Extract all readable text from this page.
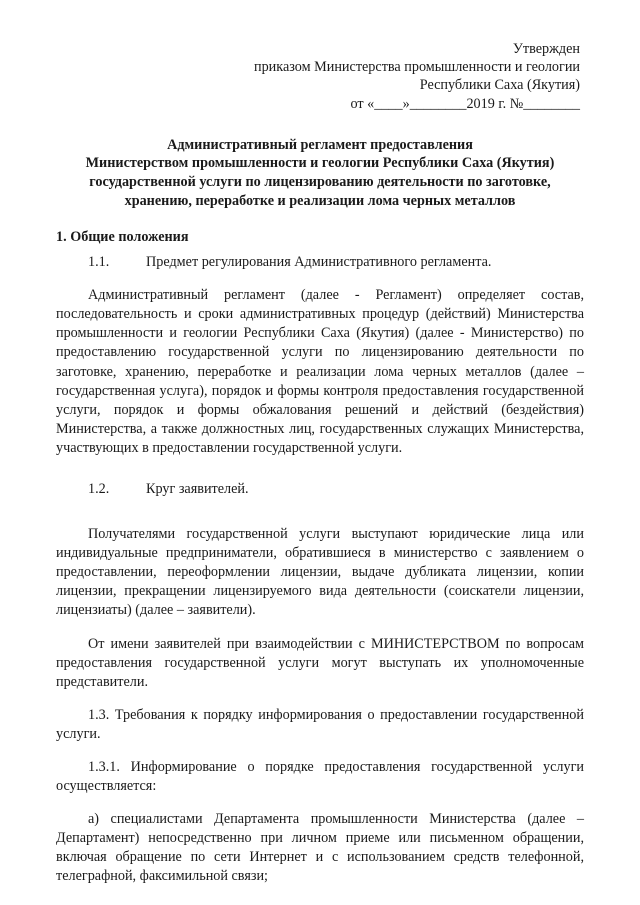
Утвержден
приказом Министерства промышленности и геологии
Республики Саха (Якутия)
от «____»________2019 г. №________
Административный регламент предоставления
Министерством промышленности и геологии Республики Саха (Якутия)
государственной услуги по лицензированию деятельности по заготовке,
хранению, переработке и реализации лома черных металлов
1. Общие положения
1.1.	Предмет регулирования Административного регламента.

Административный регламент (далее - Регламент) определяет состав, последовательность и сроки административных процедур (действий) Министерства промышленности и геологии Республики Саха (Якутия) (далее - Министерство) по предоставлению государственной услуги по лицензированию деятельности по заготовке, хранению, переработке и реализации лома черных металлов (далее – государственная услуга), порядок и формы контроля предоставления государственной услуги, порядок и формы обжалования решений и действий (бездействия) Министерства, а также должностных лиц, государственных служащих Министерства, участвующих в предоставлении государственной услуги.

1.2.	Круг заявителей.

Получателями государственной услуги выступают юридические лица или индивидуальные предприниматели, обратившиеся в министерство с заявлением о предоставлении, переоформлении лицензии, выдаче дубликата лицензии, копии лицензии, прекращении лицензируемого вида деятельности (соискатели лицензии, лицензиаты) (далее – заявители).

От имени заявителей при взаимодействии с МИНИСТЕРСТВОМ по вопросам предоставления государственной услуги могут выступать их уполномоченные представители.

1.3. Требования к порядку информирования о предоставлении государственной услуги.

1.3.1. Информирование о порядке предоставления государственной услуги осуществляется:

а) специалистами Департамента промышленности Министерства (далее – Департамент) непосредственно при личном приеме или письменном обращении, включая обращение по сети Интернет и с использованием средств телефонной, телеграфной, факсимильной связи;
